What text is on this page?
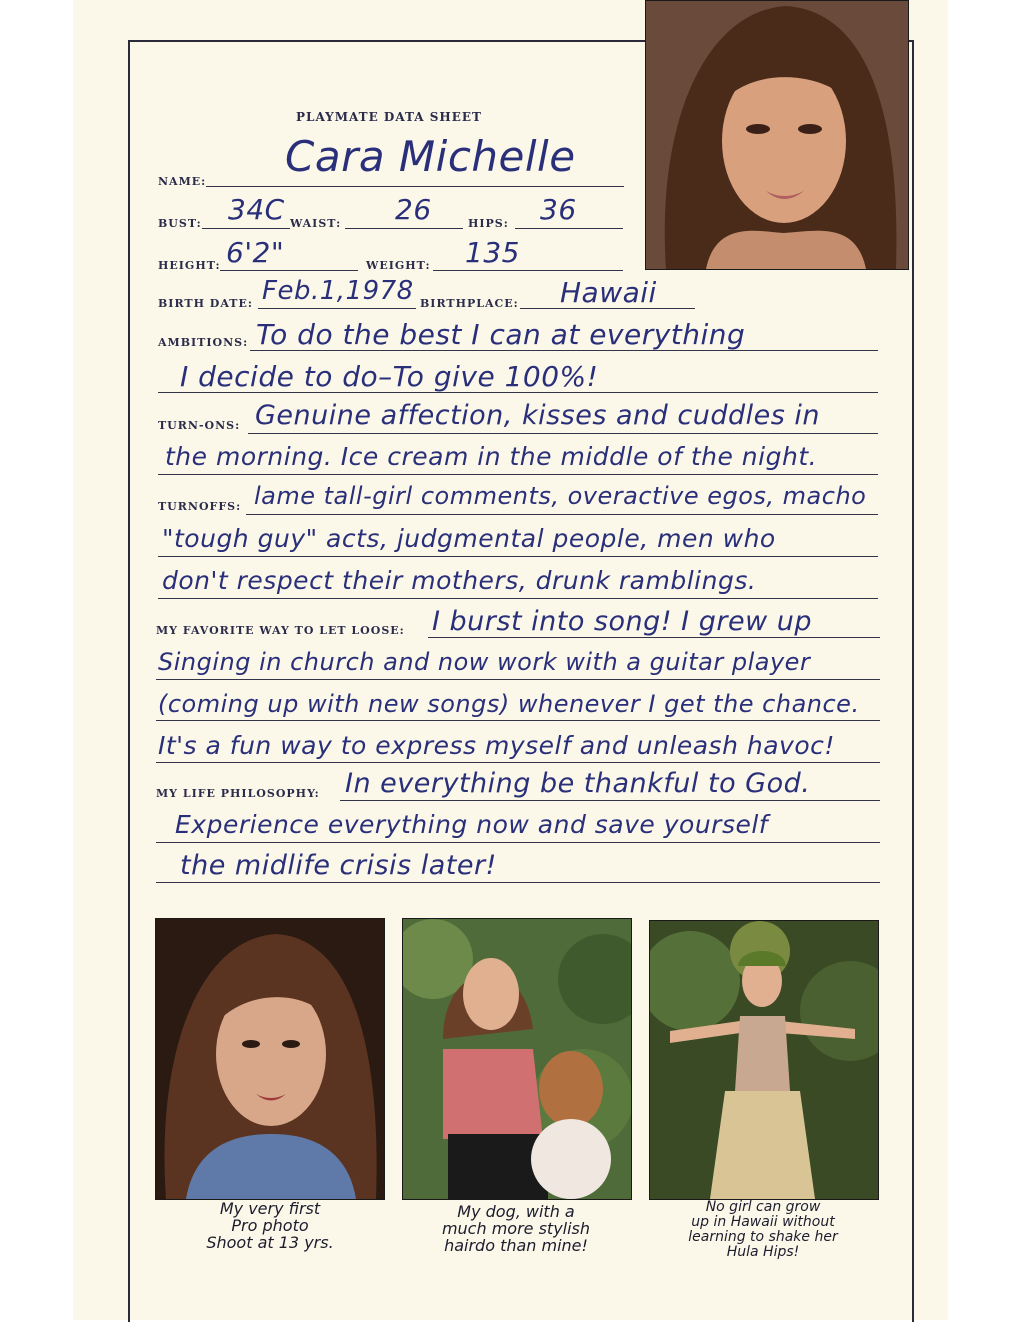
PLAYMATE DATA SHEET
NAME:
Cara Michelle
BUST: 34C WAIST: 26	HIPS: 36
HEIGHT: 6'2"	WEIGHT: 135
BIRTH DATE: Feb.1,1978 BIRTHPLACE: Hawaii
AMBITIONS: To do the best I can at everything
I decide to do–To give 100%!
TURN-ONS: Genuine affection, kisses and cuddles in
the morning. Ice cream in the middle of the night.
TURNOFFS: lame tall-girl comments, overactive egos, macho
"tough guy" acts, judgmental people, men who
don't respect their mothers, drunk ramblings.
MY FAVORITE WAY TO LET LOOSE: I burst into song! I grew up
Singing in church and now work with a guitar player
(coming up with new songs) whenever I get the chance.
It's a fun way to express myself and unleash havoc!
MY LIFE PHILOSOPHY: In everything be thankful to God.
Experience everything now and save yourself
the midlife crisis later!
My very first
Pro photo
Shoot at 13 yrs.
My dog, with a
much more stylish
hairdo than mine!
No girl can grow
up in Hawaii without
learning to shake her
Hula Hips!
